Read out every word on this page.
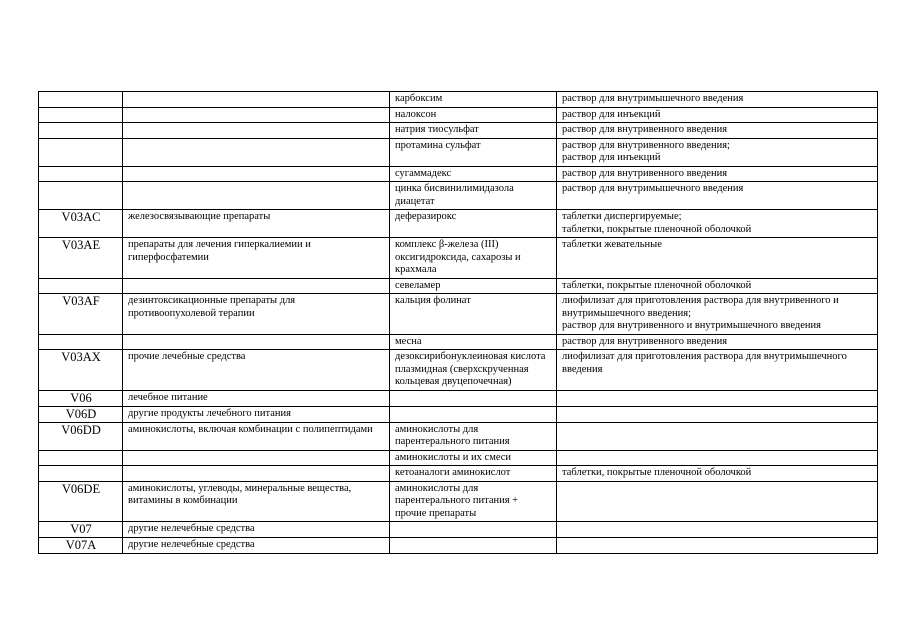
		карбоксим	раствор для внутримышечного введения
		налоксон	раствор для инъекций
		натрия тиосульфат	раствор для внутривенного введения
		протамина сульфат	раствор для внутривенного введения;
раствор для инъекций
		сугаммадекс	раствор для внутривенного введения
		цинка бисвинилимидазола диацетат	раствор для внутримышечного введения
V03AC	железосвязывающие препараты	деферазирокс	таблетки диспергируемые;
таблетки, покрытые пленочной оболочкой
V03AE	препараты для лечения гиперкалиемии и гиперфосфатемии	комплекс β-железа (III) оксигидроксида, сахарозы и крахмала	таблетки жевательные
		севеламер	таблетки, покрытые пленочной оболочкой
V03AF	дезинтоксикационные препараты для противоопухолевой терапии	кальция фолинат	лиофилизат для приготовления раствора для внутривенного и внутримышечного введения;
раствор для внутривенного и внутримышечного введения
		месна	раствор для внутривенного введения
V03AX	прочие лечебные средства	дезоксирибонуклеиновая кислота плазмидная (сверхскрученная кольцевая двуцепочечная)	лиофилизат для приготовления раствора для внутримышечного введения
V06	лечебное питание		
V06D	другие продукты лечебного питания		
V06DD	аминокислоты, включая комбинации с полипептидами	аминокислоты для парентерального питания	
		аминокислоты и их смеси	
		кетоаналоги аминокислот	таблетки, покрытые пленочной оболочкой
V06DE	аминокислоты, углеводы, минеральные вещества, витамины в комбинации	аминокислоты для парентерального питания + прочие препараты	
V07	другие нелечебные средства		
V07A	другие нелечебные средства		
